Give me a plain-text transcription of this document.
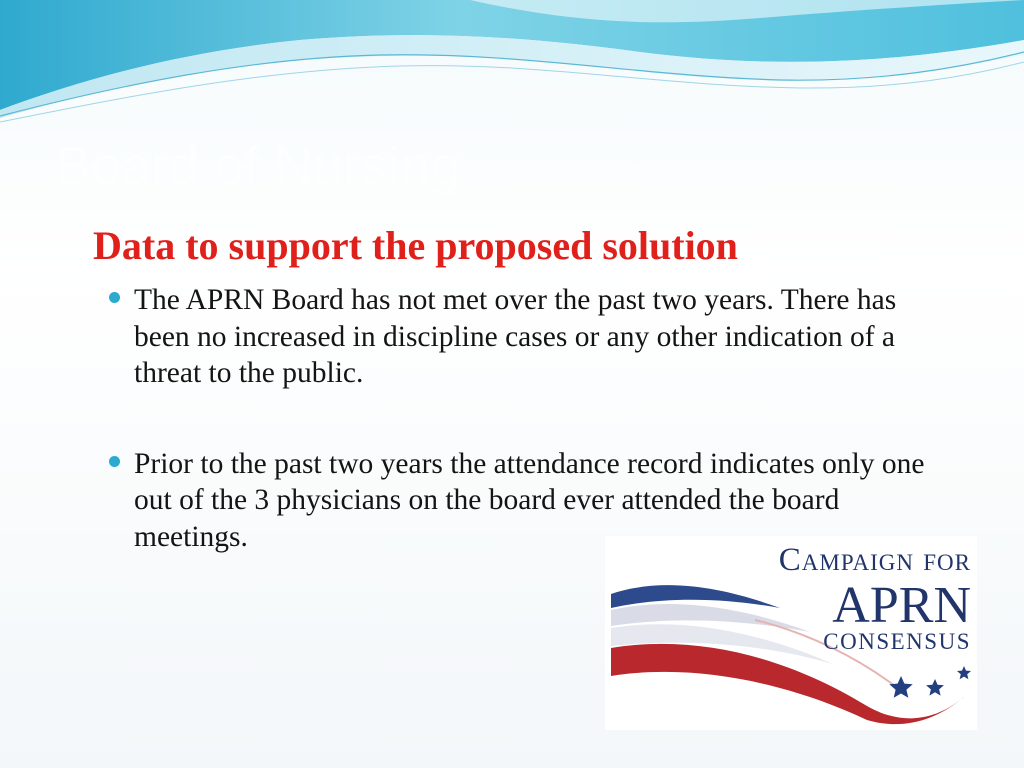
Board of Nursing
Data to support the proposed solution
The APRN Board has not met over the past two years. There has been no increased in discipline cases or any other indication of a threat to the public.
Prior to the past two years the attendance record indicates only one out of the 3 physicians on the board ever attended the board meetings.
Campaign for
APRN
CONSENSUS
